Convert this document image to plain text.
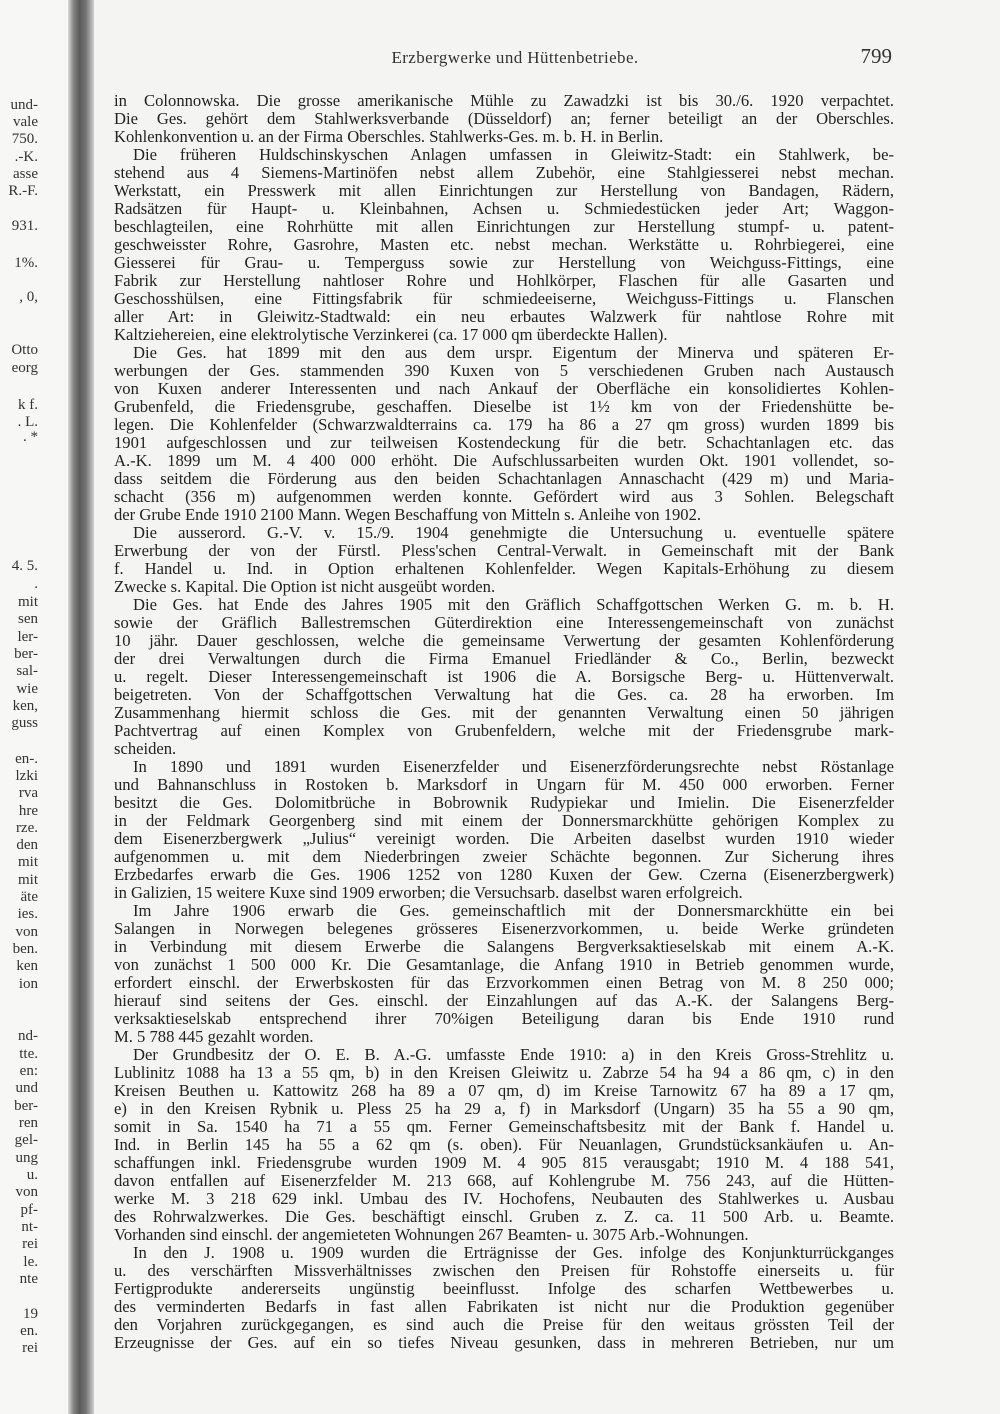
und-
vale
750.
.-K.
asse
R.-F.
931.
1%.
, 0,
Otto
eorg
k f.
. L.
. *
4. 5.
.
mit
sen
ler-
ber-
sal-
wie
ken,
guss
en-.
lzki
rva
hre
rze.
den
mit
mit
äte
ies.
von
ben.
ken
ion
nd-
tte.
en:
und
ber-
ren
gel-
ung
u.
von
pf-
nt-
rei
le.
nte
19
en.
rei
Erzbergwerke und Hüttenbetriebe.	799
in Colonnowska. Die grosse amerikanische Mühle zu Zawadzki ist bis 30./6. 1920 verpachtet.
Die Ges. gehört dem Stahlwerksverbande (Düsseldorf) an; ferner beteiligt an der Oberschles.
Kohlenkonvention u. an der Firma Oberschles. Stahlwerks-Ges. m. b. H. in Berlin.
Die früheren Huldschinskyschen Anlagen umfassen in Gleiwitz-Stadt: ein Stahlwerk, be-
stehend aus 4 Siemens-Martinöfen nebst allem Zubehör, eine Stahlgiesserei nebst mechan.
Werkstatt, ein Presswerk mit allen Einrichtungen zur Herstellung von Bandagen, Rädern,
Radsätzen für Haupt- u. Kleinbahnen, Achsen u. Schmiedestücken jeder Art; Waggon-
beschlagteilen, eine Rohrhütte mit allen Einrichtungen zur Herstellung stumpf- u. patent-
geschweisster Rohre, Gasrohre, Masten etc. nebst mechan. Werkstätte u. Rohrbiegerei, eine
Giesserei für Grau- u. Temperguss sowie zur Herstellung von Weichguss-Fittings, eine
Fabrik zur Herstellung nahtloser Rohre und Hohlkörper, Flaschen für alle Gasarten und
Geschosshülsen, eine Fittingsfabrik für schmiedeeiserne, Weichguss-Fittings u. Flanschen
aller Art: in Gleiwitz-Stadtwald: ein neu erbautes Walzwerk für nahtlose Rohre mit
Kaltziehereien, eine elektrolytische Verzinkerei (ca. 17 000 qm überdeckte Hallen).
Die Ges. hat 1899 mit den aus dem urspr. Eigentum der Minerva und späteren Er-
werbungen der Ges. stammenden 390 Kuxen von 5 verschiedenen Gruben nach Austausch
von Kuxen anderer Interessenten und nach Ankauf der Oberfläche ein konsolidiertes Kohlen-
Grubenfeld, die Friedensgrube, geschaffen. Dieselbe ist 1½ km von der Friedenshütte be-
legen. Die Kohlenfelder (Schwarzwaldterrains ca. 179 ha 86 a 27 qm gross) wurden 1899 bis
1901 aufgeschlossen und zur teilweisen Kostendeckung für die betr. Schachtanlagen etc. das
A.-K. 1899 um M. 4 400 000 erhöht. Die Aufschlussarbeiten wurden Okt. 1901 vollendet, so-
dass seitdem die Förderung aus den beiden Schachtanlagen Annaschacht (429 m) und Maria-
schacht (356 m) aufgenommen werden konnte. Gefördert wird aus 3 Sohlen. Belegschaft
der Grube Ende 1910 2100 Mann. Wegen Beschaffung von Mitteln s. Anleihe von 1902.
Die ausserord. G.-V. v. 15./9. 1904 genehmigte die Untersuchung u. eventuelle spätere
Erwerbung der von der Fürstl. Pless'schen Central-Verwalt. in Gemeinschaft mit der Bank
f. Handel u. Ind. in Option erhaltenen Kohlenfelder. Wegen Kapitals-Erhöhung zu diesem
Zwecke s. Kapital. Die Option ist nicht ausgeübt worden.
Die Ges. hat Ende des Jahres 1905 mit den Gräflich Schaffgottschen Werken G. m. b. H.
sowie der Gräflich Ballestremschen Güterdirektion eine Interessengemeinschaft von zunächst
10 jähr. Dauer geschlossen, welche die gemeinsame Verwertung der gesamten Kohlenförderung
der drei Verwaltungen durch die Firma Emanuel Friedländer & Co., Berlin, bezweckt
u. regelt. Dieser Interessengemeinschaft ist 1906 die A. Borsigsche Berg- u. Hüttenverwalt.
beigetreten. Von der Schaffgottschen Verwaltung hat die Ges. ca. 28 ha erworben. Im
Zusammenhang hiermit schloss die Ges. mit der genannten Verwaltung einen 50 jährigen
Pachtvertrag auf einen Komplex von Grubenfeldern, welche mit der Friedensgrube mark-
scheiden.
In 1890 und 1891 wurden Eisenerzfelder und Eisenerzförderungsrechte nebst Röstanlage
und Bahnanschluss in Rostoken b. Marksdorf in Ungarn für M. 450 000 erworben. Ferner
besitzt die Ges. Dolomitbrüche in Bobrownik Rudypiekar und Imielin. Die Eisenerzfelder
in der Feldmark Georgenberg sind mit einem der Donnersmarckhütte gehörigen Komplex zu
dem Eisenerzbergwerk „Julius“ vereinigt worden. Die Arbeiten daselbst wurden 1910 wieder
aufgenommen u. mit dem Niederbringen zweier Schächte begonnen. Zur Sicherung ihres
Erzbedarfes erwarb die Ges. 1906 1252 von 1280 Kuxen der Gew. Czerna (Eisenerzbergwerk)
in Galizien, 15 weitere Kuxe sind 1909 erworben; die Versuchsarb. daselbst waren erfolgreich.
Im Jahre 1906 erwarb die Ges. gemeinschaftlich mit der Donnersmarckhütte ein bei
Salangen in Norwegen belegenes grösseres Eisenerzvorkommen, u. beide Werke gründeten
in Verbindung mit diesem Erwerbe die Salangens Bergverksaktieselskab mit einem A.-K.
von zunächst 1 500 000 Kr. Die Gesamtanlage, die Anfang 1910 in Betrieb genommen wurde,
erfordert einschl. der Erwerbskosten für das Erzvorkommen einen Betrag von M. 8 250 000;
hierauf sind seitens der Ges. einschl. der Einzahlungen auf das A.-K. der Salangens Berg-
verksaktieselskab entsprechend ihrer 70%igen Beteiligung daran bis Ende 1910 rund
M. 5 788 445 gezahlt worden.
Der Grundbesitz der O. E. B. A.-G. umfasste Ende 1910: a) in den Kreis Gross-Strehlitz u.
Lublinitz 1088 ha 13 a 55 qm, b) in den Kreisen Gleiwitz u. Zabrze 54 ha 94 a 86 qm, c) in den
Kreisen Beuthen u. Kattowitz 268 ha 89 a 07 qm, d) im Kreise Tarnowitz 67 ha 89 a 17 qm,
e) in den Kreisen Rybnik u. Pless 25 ha 29 a, f) in Marksdorf (Ungarn) 35 ha 55 a 90 qm,
somit in Sa. 1540 ha 71 a 55 qm. Ferner Gemeinschaftsbesitz mit der Bank f. Handel u.
Ind. in Berlin 145 ha 55 a 62 qm (s. oben). Für Neuanlagen, Grundstücksankäufen u. An-
schaffungen inkl. Friedensgrube wurden 1909 M. 4 905 815 verausgabt; 1910 M. 4 188 541,
davon entfallen auf Eisenerzfelder M. 213 668, auf Kohlengrube M. 756 243, auf die Hütten-
werke M. 3 218 629 inkl. Umbau des IV. Hochofens, Neubauten des Stahlwerkes u. Ausbau
des Rohrwalzwerkes. Die Ges. beschäftigt einschl. Gruben z. Z. ca. 11 500 Arb. u. Beamte.
Vorhanden sind einschl. der angemieteten Wohnungen 267 Beamten- u. 3075 Arb.-Wohnungen.
In den J. 1908 u. 1909 wurden die Erträgnisse der Ges. infolge des Konjunkturrückganges
u. des verschärften Missverhältnisses zwischen den Preisen für Rohstoffe einerseits u. für
Fertigprodukte andererseits ungünstig beeinflusst. Infolge des scharfen Wettbewerbes u.
des verminderten Bedarfs in fast allen Fabrikaten ist nicht nur die Produktion gegenüber
den Vorjahren zurückgegangen, es sind auch die Preise für den weitaus grössten Teil der
Erzeugnisse der Ges. auf ein so tiefes Niveau gesunken, dass in mehreren Betrieben, nur um
